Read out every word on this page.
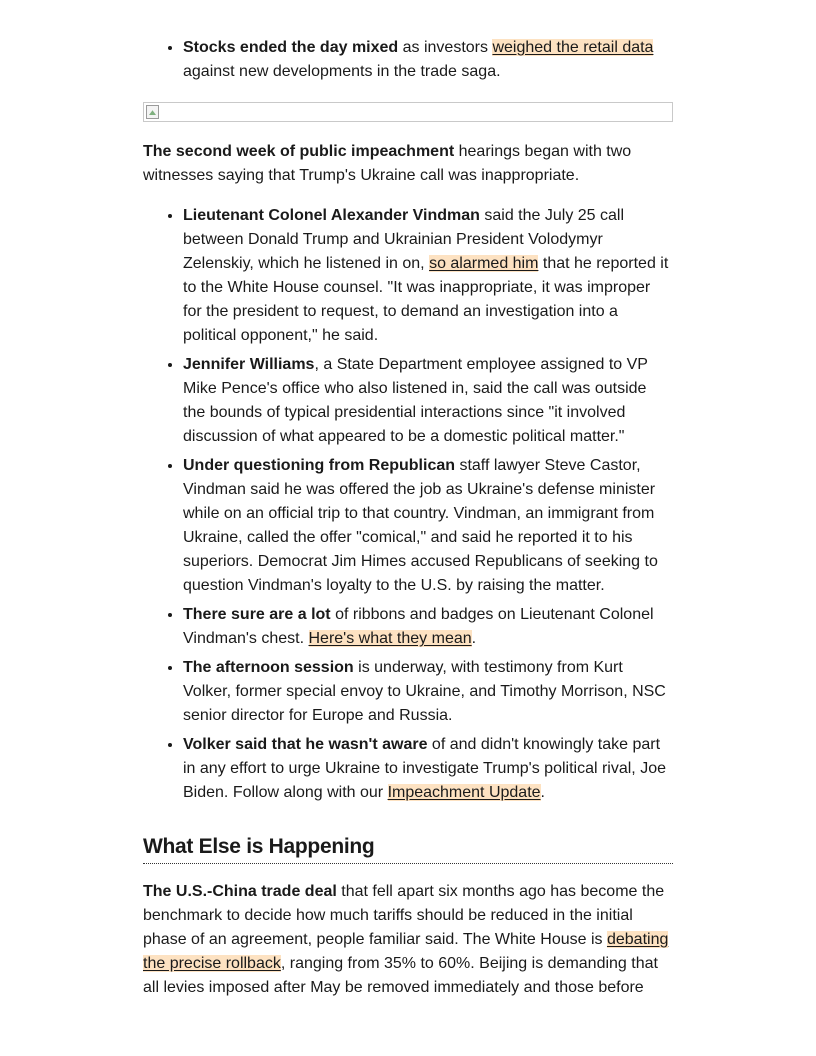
• Stocks ended the day mixed as investors weighed the retail data against new developments in the trade saga.

The second week of public impeachment hearings began with two witnesses saying that Trump's Ukraine call was inappropriate.

• Lieutenant Colonel Alexander Vindman said the July 25 call between Donald Trump and Ukrainian President Volodymyr Zelenskiy, which he listened in on, so alarmed him that he reported it to the White House counsel. "It was inappropriate, it was improper for the president to request, to demand an investigation into a political opponent," he said.
• Jennifer Williams, a State Department employee assigned to VP Mike Pence's office who also listened in, said the call was outside the bounds of typical presidential interactions since "it involved discussion of what appeared to be a domestic political matter."
• Under questioning from Republican staff lawyer Steve Castor, Vindman said he was offered the job as Ukraine's defense minister while on an official trip to that country. Vindman, an immigrant from Ukraine, called the offer "comical," and said he reported it to his superiors. Democrat Jim Himes accused Republicans of seeking to question Vindman's loyalty to the U.S. by raising the matter.
• There sure are a lot of ribbons and badges on Lieutenant Colonel Vindman's chest. Here's what they mean.
• The afternoon session is underway, with testimony from Kurt Volker, former special envoy to Ukraine, and Timothy Morrison, NSC senior director for Europe and Russia.
• Volker said that he wasn't aware of and didn't knowingly take part in any effort to urge Ukraine to investigate Trump's political rival, Joe Biden. Follow along with our Impeachment Update.
What Else is Happening

The U.S.-China trade deal that fell apart six months ago has become the benchmark to decide how much tariffs should be reduced in the initial phase of an agreement, people familiar said. The White House is debating the precise rollback, ranging from 35% to 60%. Beijing is demanding that all levies imposed after May be removed immediately and those before
